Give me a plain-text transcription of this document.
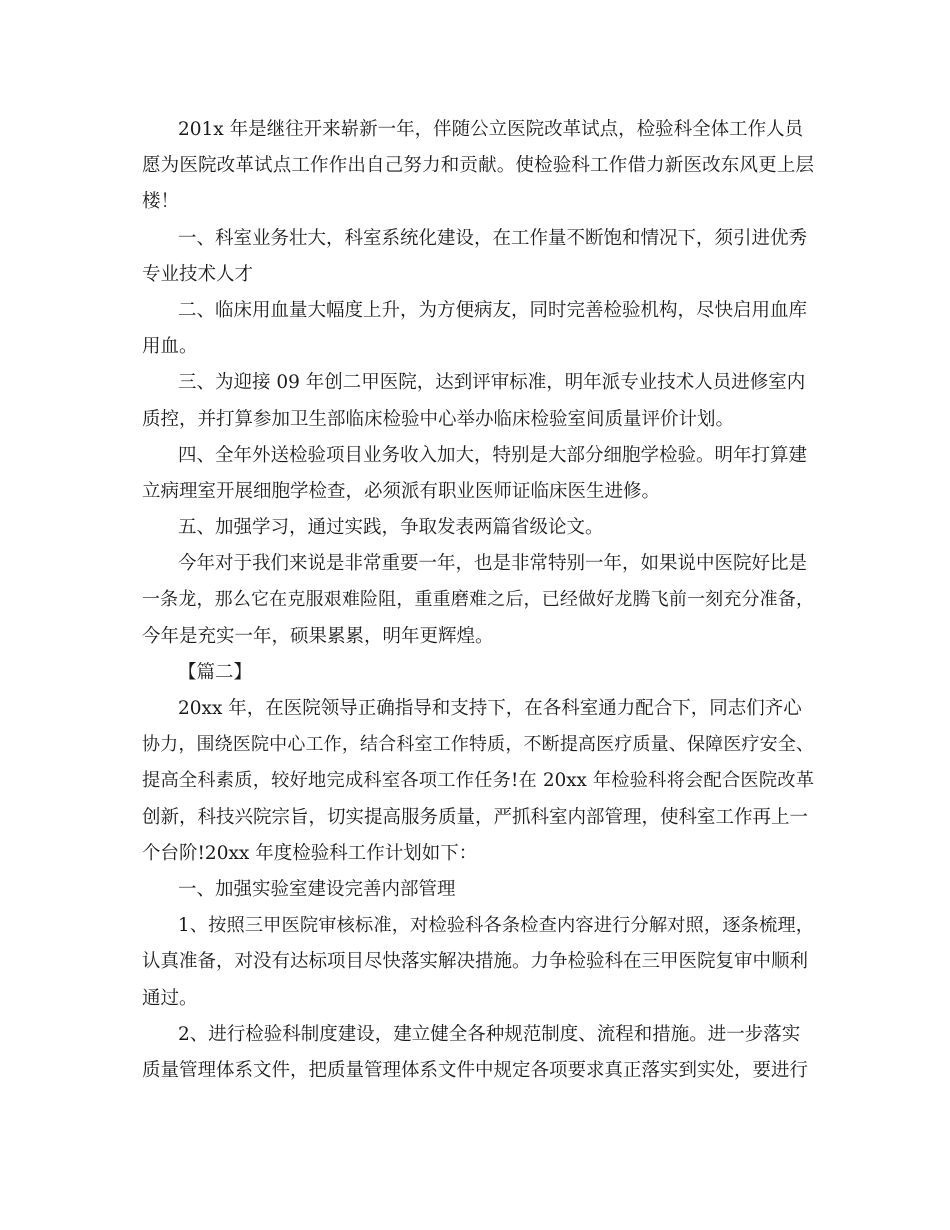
201x 年是继往开来崭新一年，伴随公立医院改革试点，检验科全体工作人员
愿为医院改革试点工作作出自己努力和贡献。使检验科工作借力新医改东风更上层
楼！
一、科室业务壮大，科室系统化建设，在工作量不断饱和情况下，须引进优秀
专业技术人才
二、临床用血量大幅度上升，为方便病友，同时完善检验机构，尽快启用血库
用血。
三、为迎接 09 年创二甲医院，达到评审标准，明年派专业技术人员进修室内
质控，并打算参加卫生部临床检验中心举办临床检验室间质量评价计划。
四、全年外送检验项目业务收入加大，特别是大部分细胞学检验。明年打算建
立病理室开展细胞学检查，必须派有职业医师证临床医生进修。
五、加强学习，通过实践，争取发表两篇省级论文。
今年对于我们来说是非常重要一年，也是非常特别一年，如果说中医院好比是
一条龙，那么它在克服艰难险阻，重重磨难之后，已经做好龙腾飞前一刻充分准备，
今年是充实一年，硕果累累，明年更辉煌。
【篇二】
20xx 年，在医院领导正确指导和支持下，在各科室通力配合下，同志们齐心
协力，围绕医院中心工作，结合科室工作特质，不断提高医疗质量、保障医疗安全、
提高全科素质，较好地完成科室各项工作任务!在 20xx 年检验科将会配合医院改革
创新，科技兴院宗旨，切实提高服务质量，严抓科室内部管理，使科室工作再上一
个台阶!20xx 年度检验科工作计划如下：
一、加强实验室建设完善内部管理
1、按照三甲医院审核标准，对检验科各条检查内容进行分解对照，逐条梳理，
认真准备，对没有达标项目尽快落实解决措施。力争检验科在三甲医院复审中顺利
通过。
2、进行检验科制度建设，建立健全各种规范制度、流程和措施。进一步落实
质量管理体系文件，把质量管理体系文件中规定各项要求真正落实到实处，要进行
